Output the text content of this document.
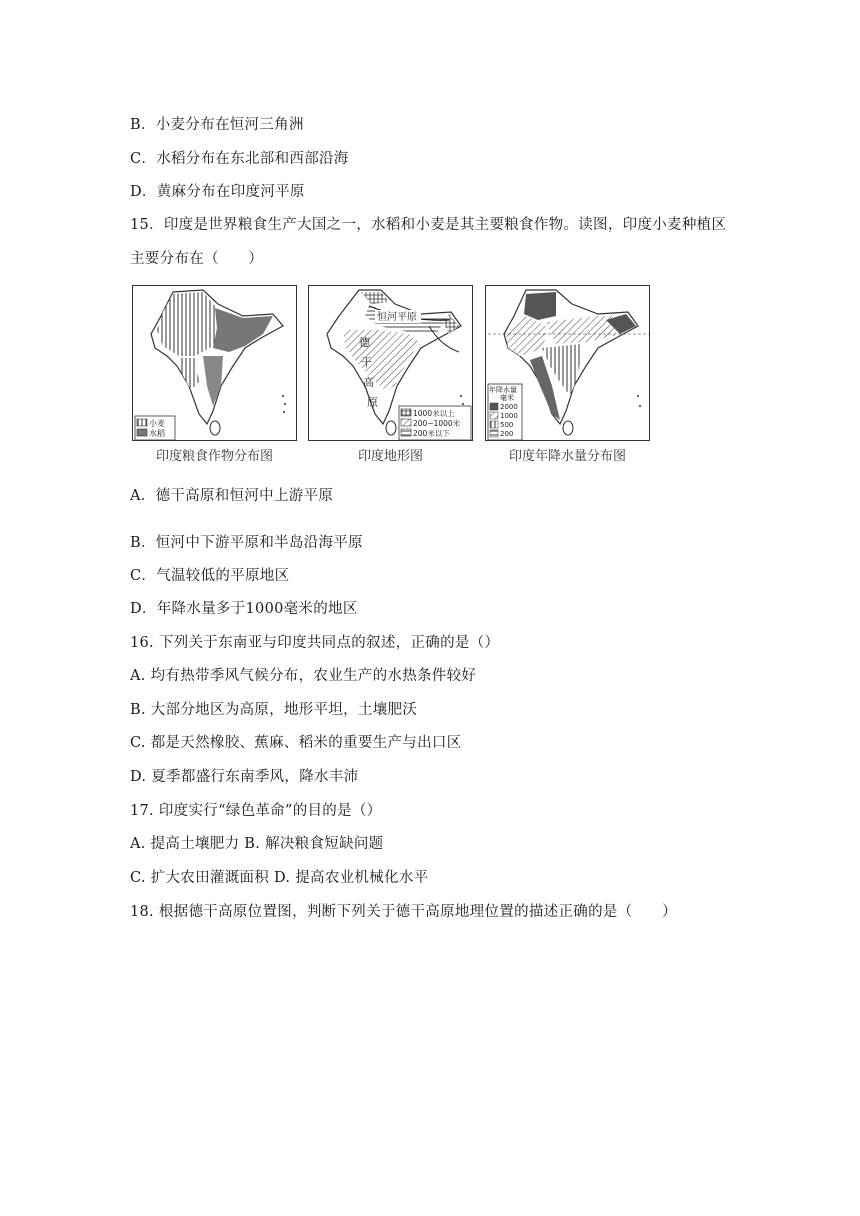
B．小麦分布在恒河三角洲
C．水稻分布在东北部和西部沿海
D．黄麻分布在印度河平原
15．印度是世界粮食生产大国之一，水稻和小麦是其主要粮食作物。读图，印度小麦种植区
主要分布在（　　）
小麦
水稻
印度粮食作物分布图
恒河平原
德
干
高
原
1000米以上
200~1000米
200米以下
印度地形图
年降水量
毫米
2000
1000
500
200
印度年降水量分布图
A．德干高原和恒河中上游平原
B．恒河中下游平原和半岛沿海平原
C．气温较低的平原地区
D．年降水量多于1000毫米的地区
16. 下列关于东南亚与印度共同点的叙述，正确的是（）
A. 均有热带季风气候分布，农业生产的水热条件较好
B. 大部分地区为高原，地形平坦，土壤肥沃
C. 都是天然橡胶、蕉麻、稻米的重要生产与出口区
D. 夏季都盛行东南季风，降水丰沛
17. 印度实行“绿色革命”的目的是（）
A. 提高土壤肥力 B. 解决粮食短缺问题
C. 扩大农田灌溉面积 D. 提高农业机械化水平
18. 根据德干高原位置图，判断下列关于德干高原地理位置的描述正确的是（　　）
